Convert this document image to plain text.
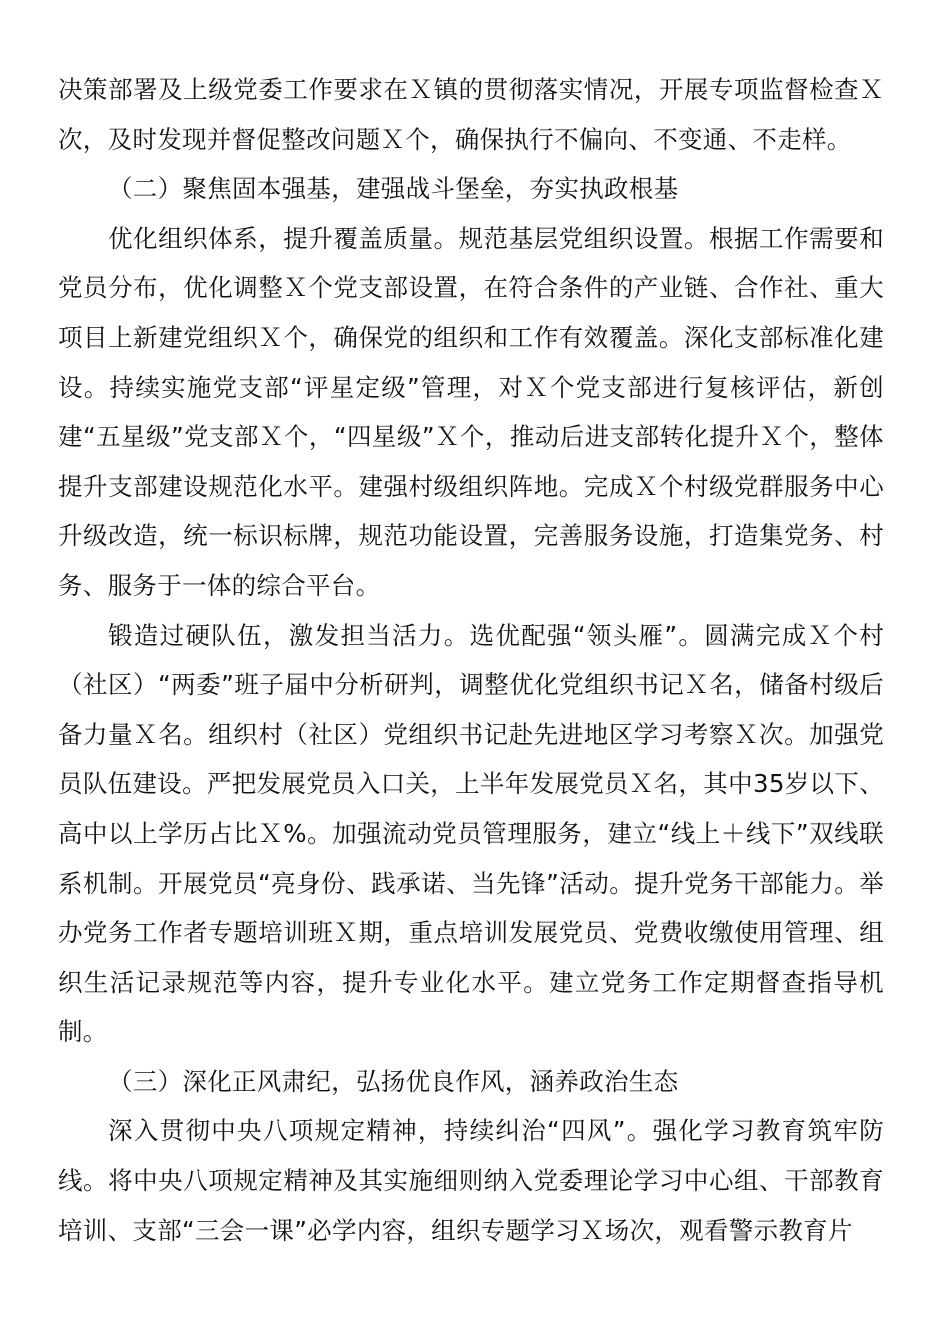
决策部署及上级党委工作要求在Ｘ镇的贯彻落实情况，开展专项监督检查Ｘ次，及时发现并督促整改问题Ｘ个，确保执行不偏向、不变通、不走样。

（二）聚焦固本强基，建强战斗堡垒，夯实执政根基

优化组织体系，提升覆盖质量。规范基层党组织设置。根据工作需要和党员分布，优化调整Ｘ个党支部设置，在符合条件的产业链、合作社、重大项目上新建党组织Ｘ个，确保党的组织和工作有效覆盖。深化支部标准化建设。持续实施党支部“评星定级”管理，对Ｘ个党支部进行复核评估，新创建“五星级”党支部Ｘ个，“四星级”Ｘ个，推动后进支部转化提升Ｘ个，整体提升支部建设规范化水平。建强村级组织阵地。完成Ｘ个村级党群服务中心升级改造，统一标识标牌，规范功能设置，完善服务设施，打造集党务、村务、服务于一体的综合平台。

锻造过硬队伍，激发担当活力。选优配强“领头雁”。圆满完成Ｘ个村（社区）“两委”班子届中分析研判，调整优化党组织书记Ｘ名，储备村级后备力量Ｘ名。组织村（社区）党组织书记赴先进地区学习考察Ｘ次。加强党员队伍建设。严把发展党员入口关，上半年发展党员Ｘ名，其中35岁以下、高中以上学历占比Ｘ%。加强流动党员管理服务，建立“线上＋线下”双线联系机制。开展党员“亮身份、践承诺、当先锋”活动。提升党务干部能力。举办党务工作者专题培训班Ｘ期，重点培训发展党员、党费收缴使用管理、组织生活记录规范等内容，提升专业化水平。建立党务工作定期督查指导机制。

（三）深化正风肃纪，弘扬优良作风，涵养政治生态

深入贯彻中央八项规定精神，持续纠治“四风”。强化学习教育筑牢防线。将中央八项规定精神及其实施细则纳入党委理论学习中心组、干部教育培训、支部“三会一课”必学内容，组织专题学习Ｘ场次，观看警示教育片
